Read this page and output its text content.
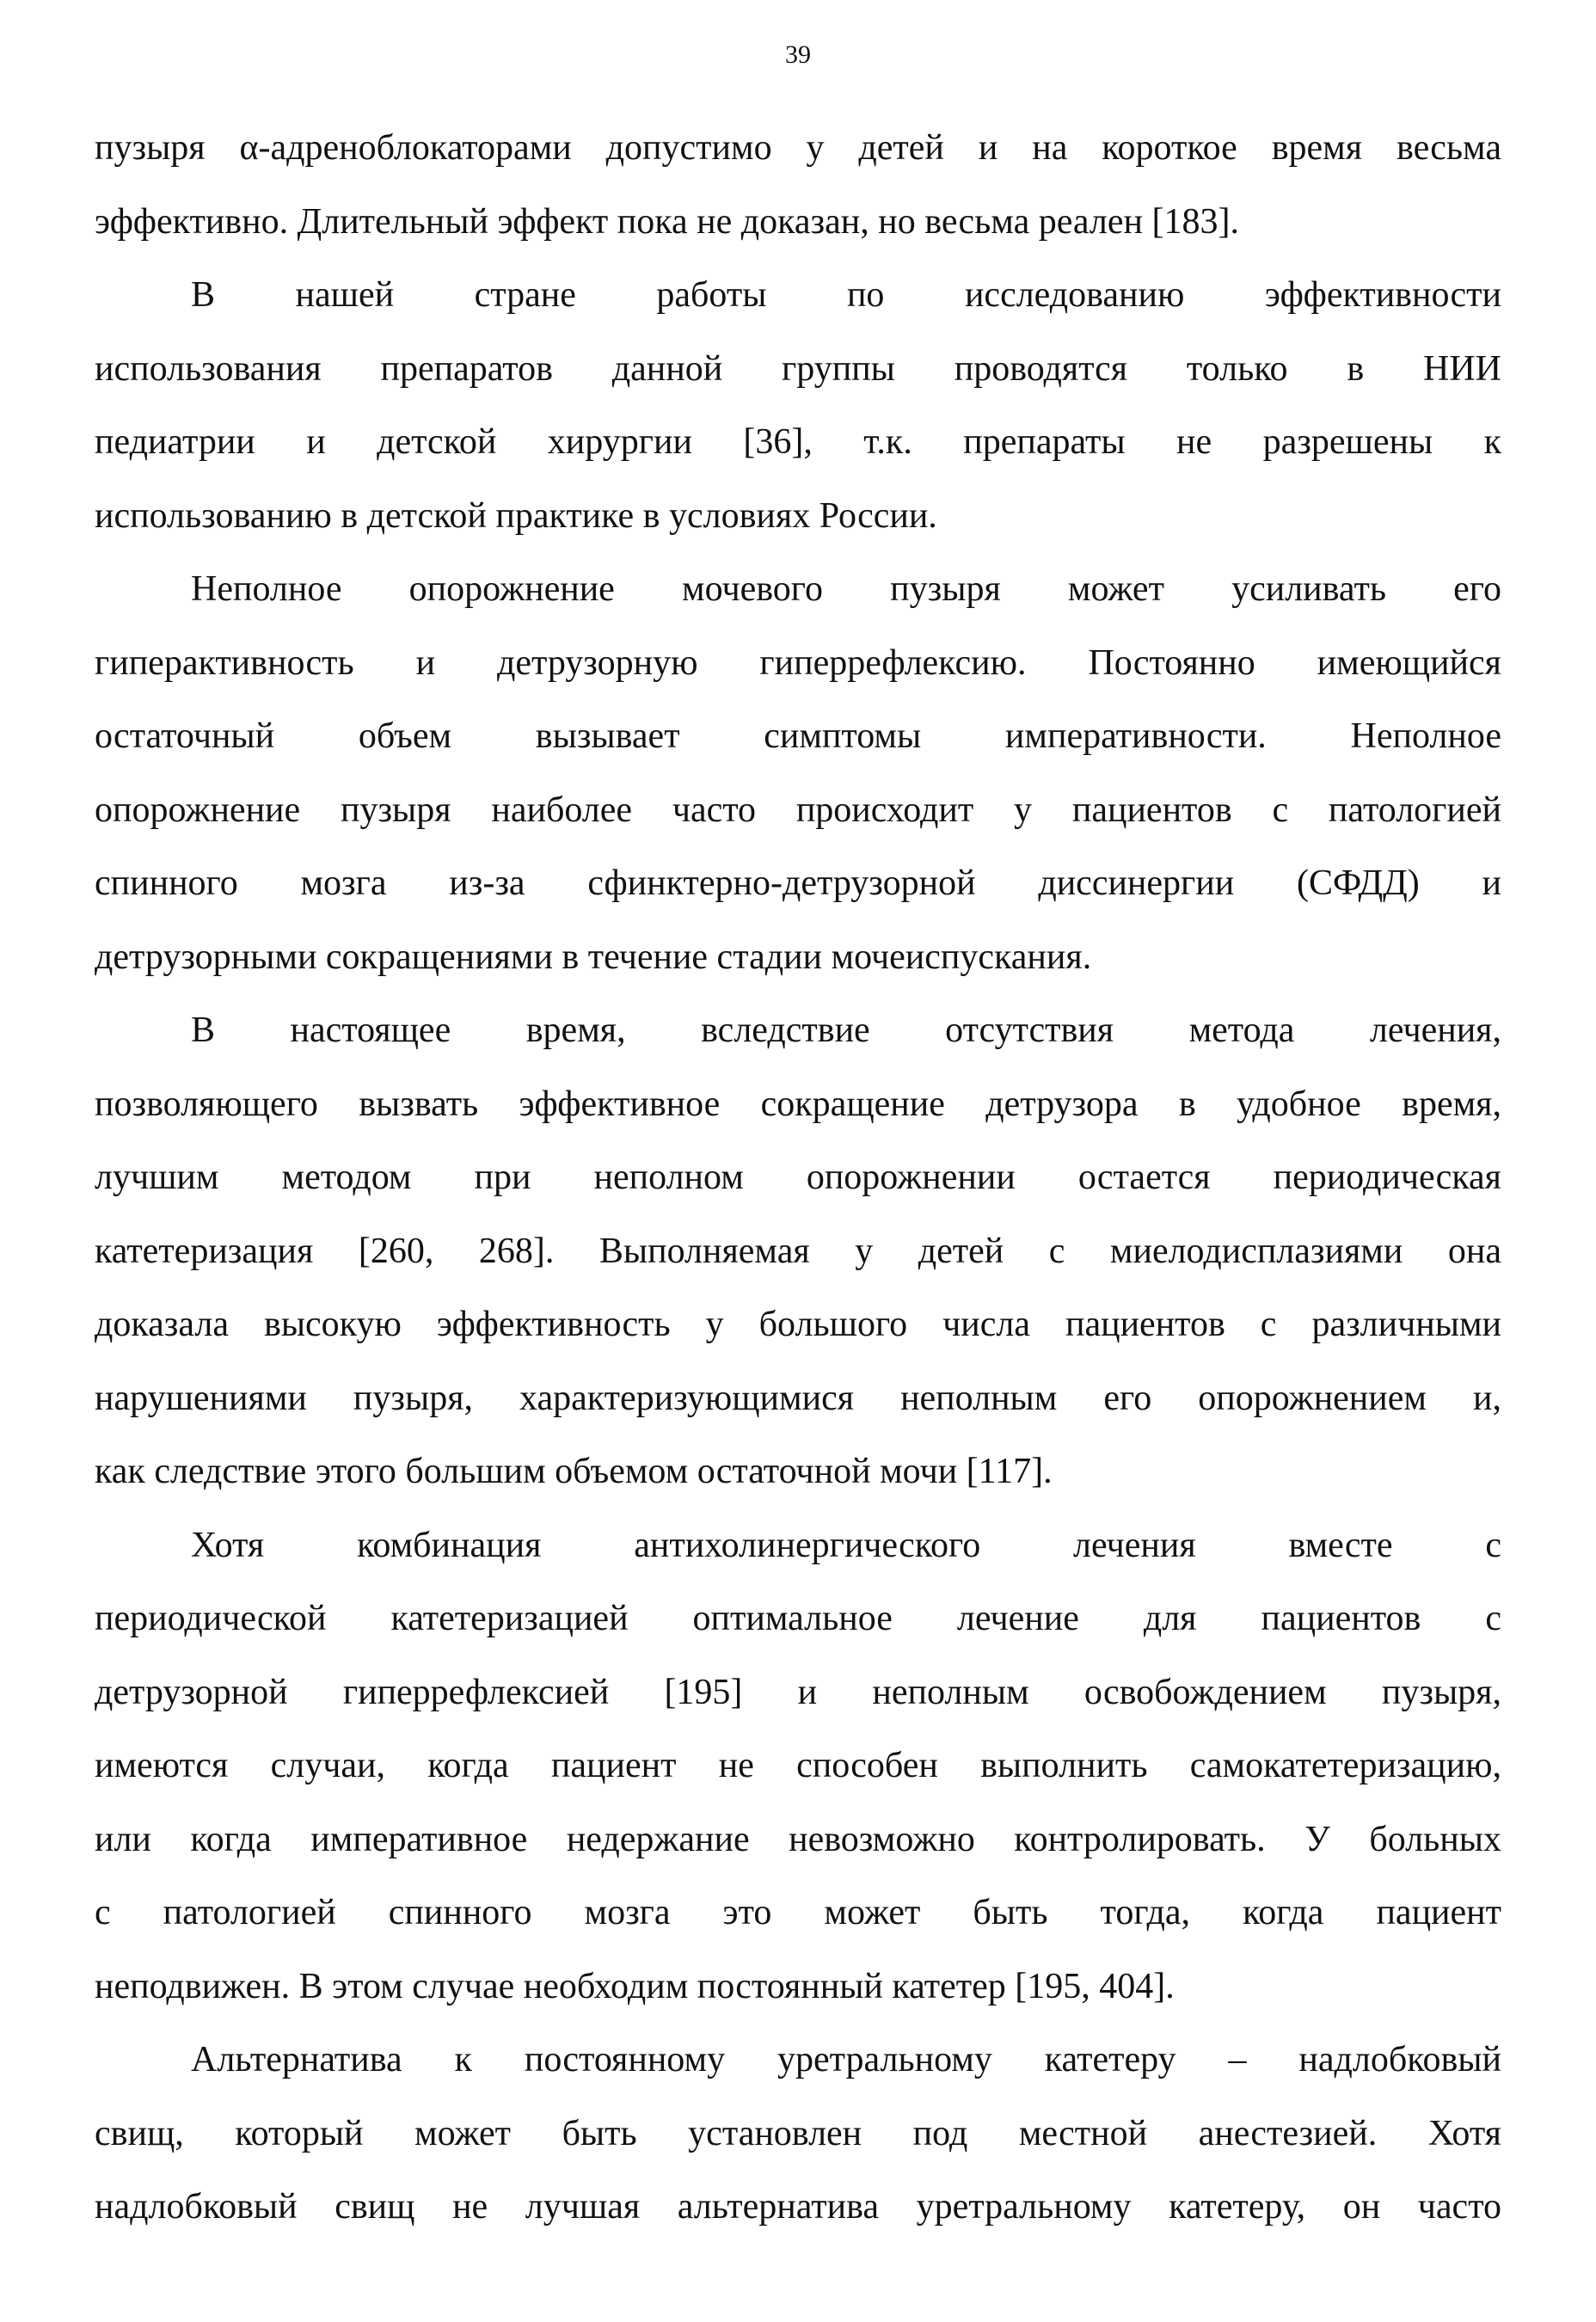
39
пузыря α-адреноблокаторами допустимо у детей и на короткое время весьма
эффективно. Длительный эффект пока не доказан, но весьма реален [183].
В нашей стране работы по исследованию эффективности
использования препаратов данной группы проводятся только в НИИ
педиатрии и детской хирургии [36], т.к. препараты не разрешены к
использованию в детской практике в условиях России.
Неполное опорожнение мочевого пузыря может усиливать его
гиперактивность и детрузорную гиперрефлексию. Постоянно имеющийся
остаточный объем вызывает симптомы императивности. Неполное
опорожнение пузыря наиболее часто происходит у пациентов с патологией
спинного мозга из-за сфинктерно-детрузорной диссинергии (СФДД) и
детрузорными сокращениями в течение стадии мочеиспускания.
В настоящее время, вследствие отсутствия метода лечения,
позволяющего вызвать эффективное сокращение детрузора в удобное время,
лучшим методом при неполном опорожнении остается периодическая
катетеризация [260, 268]. Выполняемая у детей с миелодисплазиями она
доказала высокую эффективность у большого числа пациентов с различными
нарушениями пузыря, характеризующимися неполным его опорожнением и,
как следствие этого большим объемом остаточной мочи [117].
Хотя комбинация антихолинергического лечения вместе с
периодической катетеризацией оптимальное лечение для пациентов с
детрузорной гиперрефлексией [195] и неполным освобождением пузыря,
имеются случаи, когда пациент не способен выполнить самокатетеризацию,
или когда императивное недержание невозможно контролировать. У больных
с патологией спинного мозга это может быть тогда, когда пациент
неподвижен. В этом случае необходим постоянный катетер [195, 404].
Альтернатива к постоянному уретральному катетеру – надлобковый
свищ, который может быть установлен под местной анестезией. Хотя
надлобковый свищ не лучшая альтернатива уретральному катетеру, он часто
